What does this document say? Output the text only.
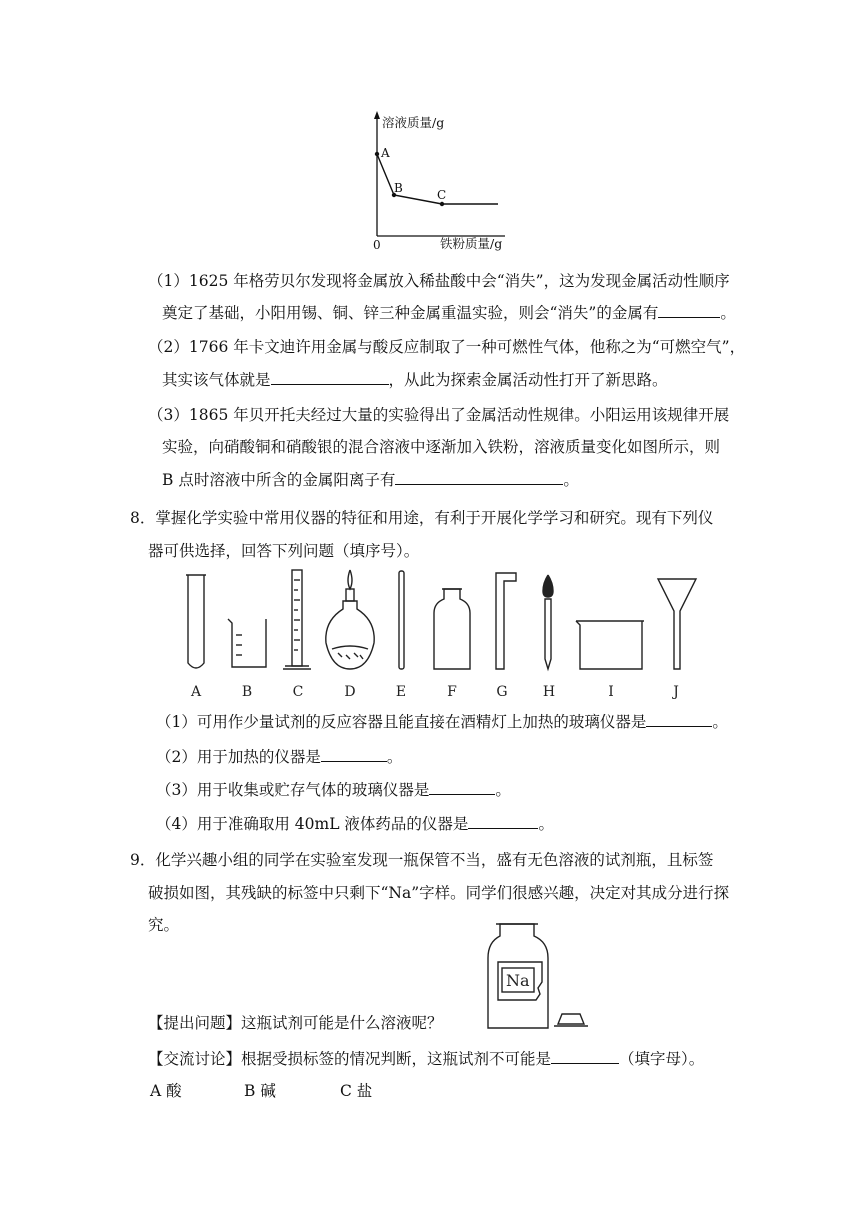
溶液质量/g
铁粉质量/g
0
A
B	C
（1）1625 年格劳贝尔发现将金属放入稀盐酸中会“消失”，这为发现金属活动性顺序
奠定了基础，小阳用锡、铜、锌三种金属重温实验，则会“消失”的金属有	。
（2）1766 年卡文迪许用金属与酸反应制取了一种可燃性气体，他称之为“可燃空气”，
其实该气体就是	，从此为探索金属活动性打开了新思路。
（3）1865 年贝开托夫经过大量的实验得出了金属活动性规律。小阳运用该规律开展
实验，向硝酸铜和硝酸银的混合溶液中逐渐加入铁粉，溶液质量变化如图所示，则
B 点时溶液中所含的金属阳离子有	。
8．掌握化学实验中常用仪器的特征和用途，有利于开展化学学习和研究。现有下列仪
器可供选择，回答下列问题（填序号）。
A	B	C	D	E	F	G	H	I	J
（1）可用作少量试剂的反应容器且能直接在酒精灯上加热的玻璃仪器是	。
（2）用于加热的仪器是	。
（3）用于收集或贮存气体的玻璃仪器是	。
（4）用于准确取用 40mL 液体药品的仪器是	。
9．化学兴趣小组的同学在实验室发现一瓶保管不当，盛有无色溶液的试剂瓶，且标签
破损如图，其残缺的标签中只剩下“Na”字样。同学们很感兴趣，决定对其成分进行探
究。
Na
【提出问题】这瓶试剂可能是什么溶液呢？
【交流讨论】根据受损标签的情况判断，这瓶试剂不可能是	（填字母）。
A 酸	B 碱	C 盐
